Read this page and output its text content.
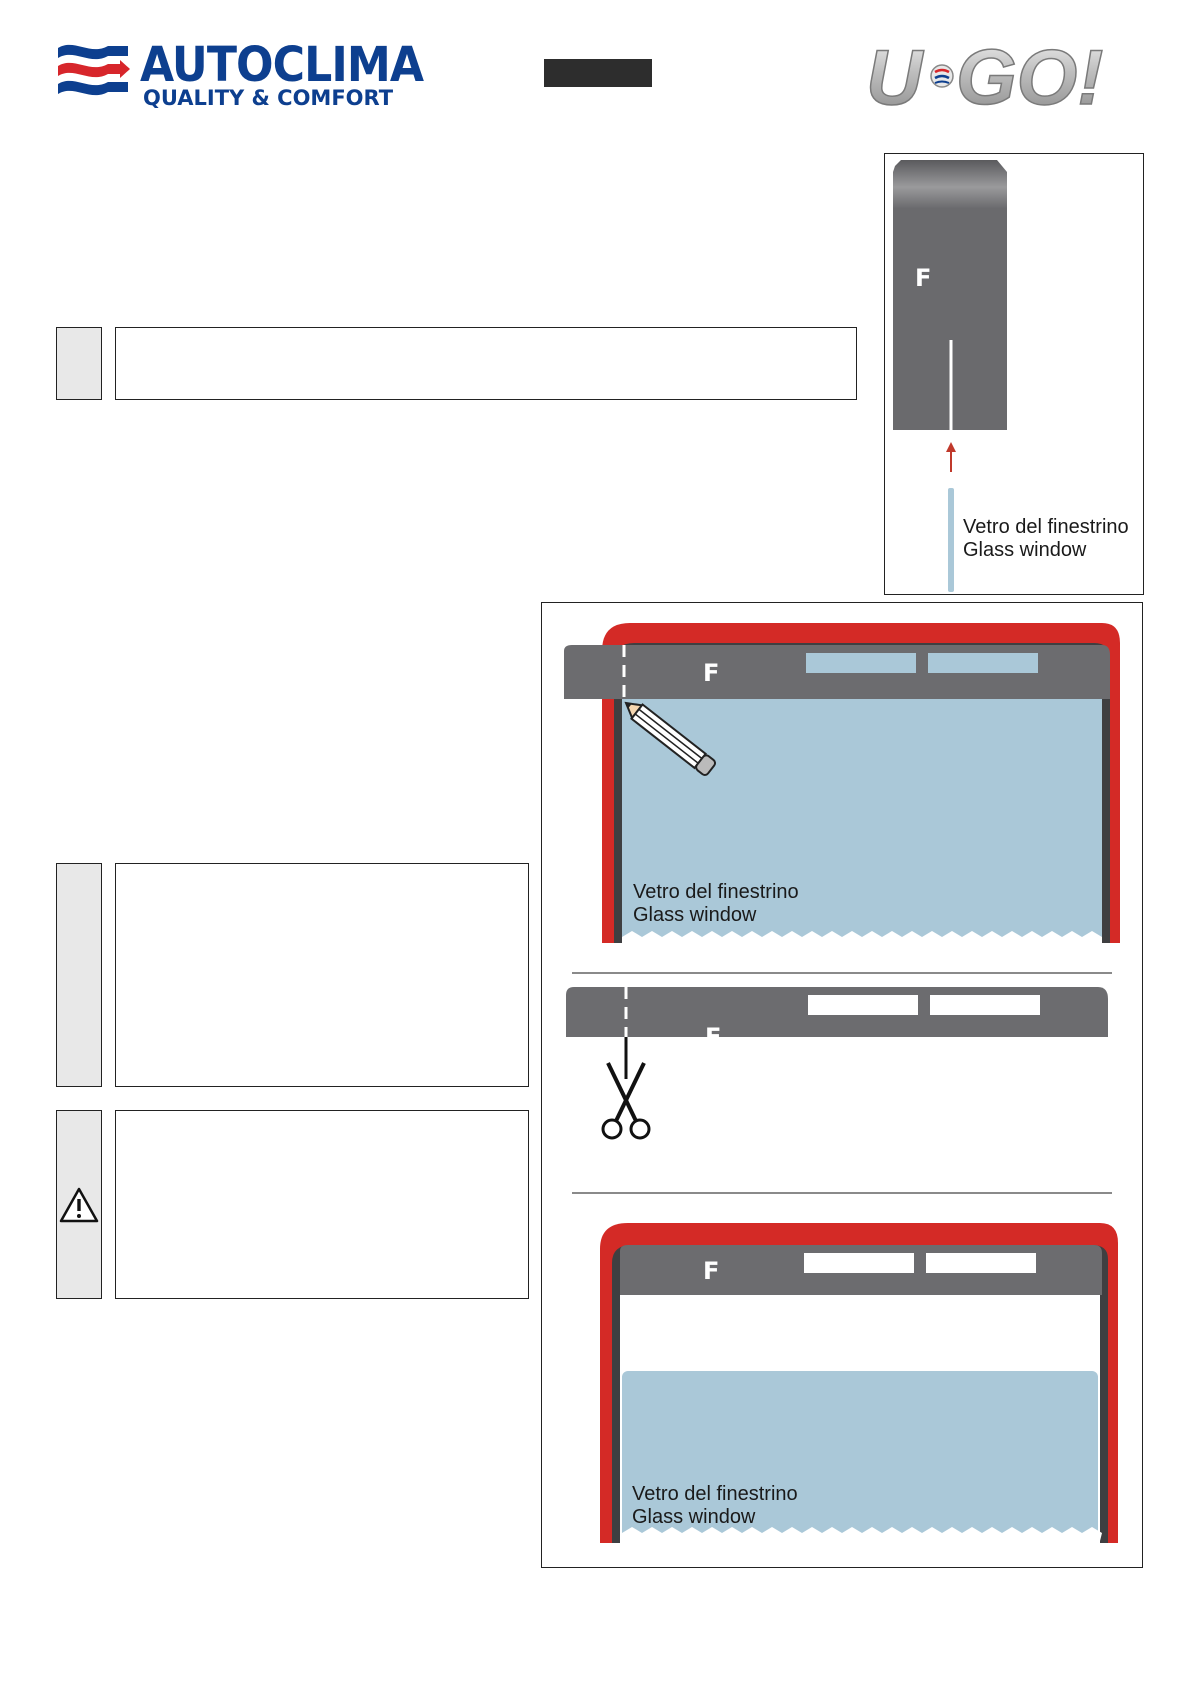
AUTOCLIMA
QUALITY & COMFORT	U GO!
F
Vetro del finestrino
Glass window
F
Vetro del finestrino
Glass window
F
F
Vetro del finestrino
Glass window
